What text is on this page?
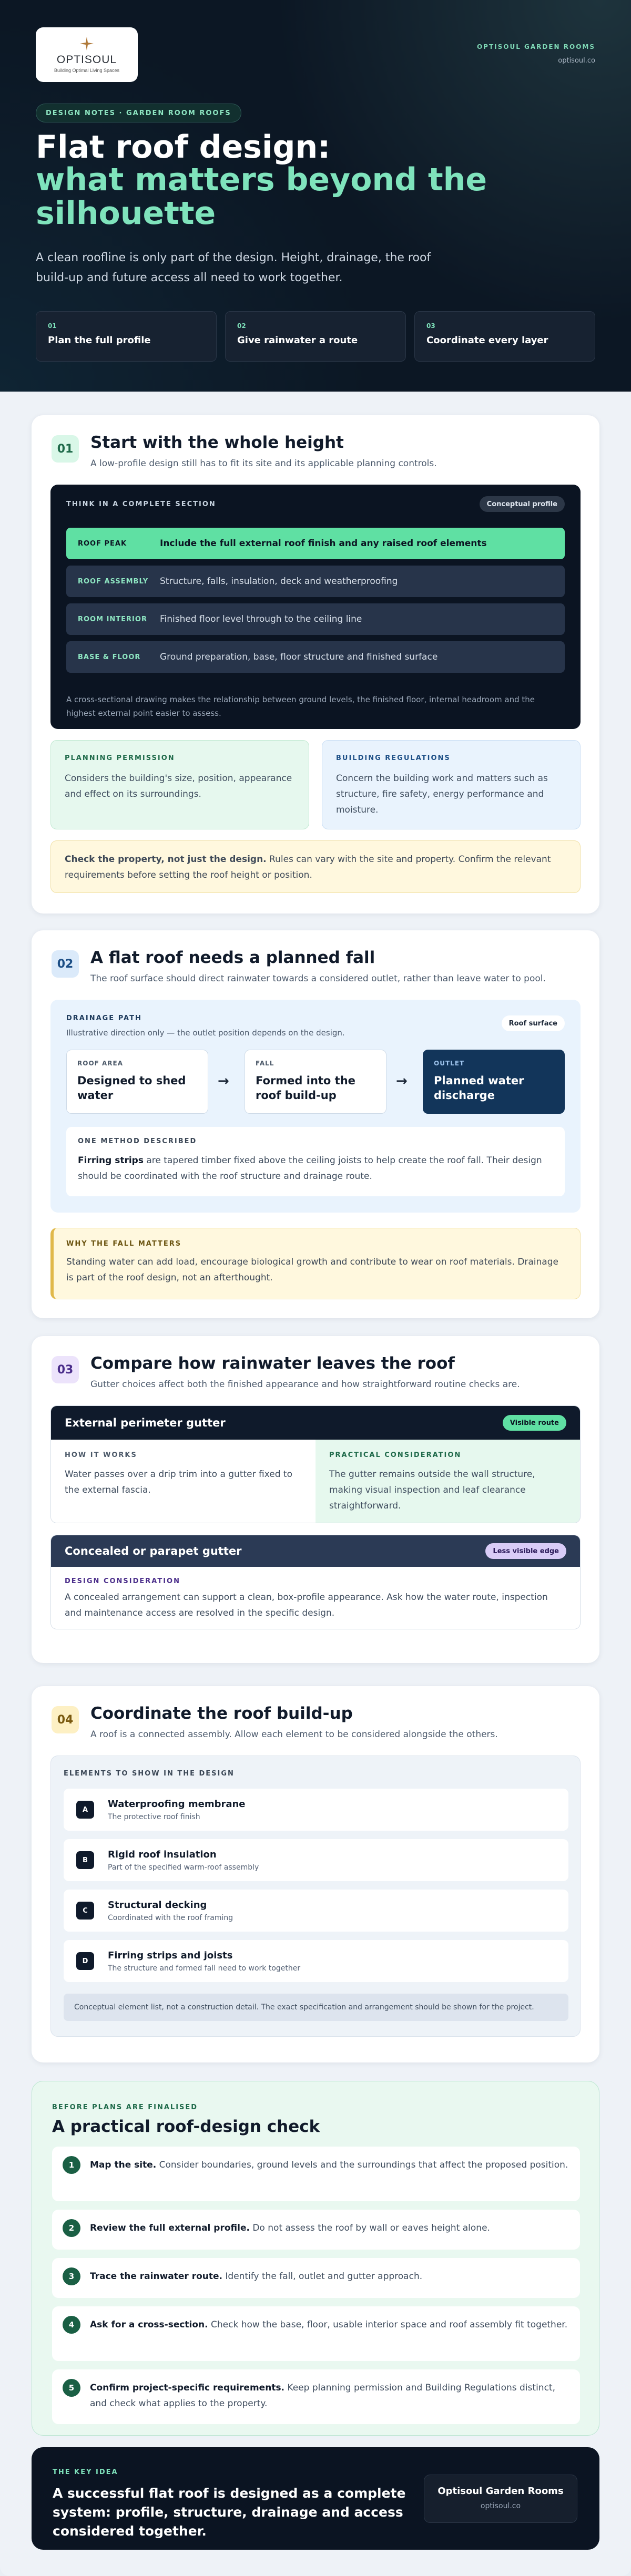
OPTISOUL
Building Optimal Living Spaces
OPTISOUL GARDEN ROOMS
optisoul.co
DESIGN NOTES · GARDEN ROOM ROOFS
Flat roof design:
what matters beyond the silhouette

A clean roofline is only part of the design. Height, drainage, the roof build-up and future access all need to work together.

01
Plan the full profile
02
Give rainwater a route
03
Coordinate every layer
01	Start with the whole height

A low-profile design still has to fit its site and its applicable planning controls.

THINK IN A COMPLETE SECTION	Conceptual profile
ROOF PEAK	Include the full external roof finish and any raised roof elements
ROOF ASSEMBLY	Structure, falls, insulation, deck and weatherproofing
ROOM INTERIOR	Finished floor level through to the ceiling line
BASE & FLOOR	Ground preparation, base, floor structure and finished surface

A cross-sectional drawing makes the relationship between ground levels, the finished floor, internal headroom and the highest external point easier to assess.

PLANNING PERMISSION
Considers the building's size, position, appearance and effect on its surroundings.
BUILDING REGULATIONS
Concern the building work and matters such as structure, fire safety, energy performance and moisture.
Check the property, not just the design. Rules can vary with the site and property. Confirm the relevant requirements before setting the roof height or position.
02	A flat roof needs a planned fall

The roof surface should direct rainwater towards a considered outlet, rather than leave water to pool.

DRAINAGE PATH
Illustrative direction only — the outlet position depends on the design.
Roof surface
ROOF AREA
Designed to shed water
→
FALL
Formed into the roof build-up
→
OUTLET
Planned water discharge
ONE METHOD DESCRIBED
Firring strips are tapered timber fixed above the ceiling joists to help create the roof fall. Their design should be coordinated with the roof structure and drainage route.
WHY THE FALL MATTERS
Standing water can add load, encourage biological growth and contribute to wear on roof materials. Drainage is part of the roof design, not an afterthought.
03	Compare how rainwater leaves the roof

Gutter choices affect both the finished appearance and how straightforward routine checks are.

External perimeter gutter	Visible route
HOW IT WORKS
Water passes over a drip trim into a gutter fixed to the external fascia.
PRACTICAL CONSIDERATION
The gutter remains outside the wall structure, making visual inspection and leaf clearance straightforward.
Concealed or parapet gutter	Less visible edge
DESIGN CONSIDERATION
A concealed arrangement can support a clean, box-profile appearance. Ask how the water route, inspection and maintenance access are resolved in the specific design.
04	Coordinate the roof build-up

A roof is a connected assembly. Allow each element to be considered alongside the others.

ELEMENTS TO SHOW IN THE DESIGN
A
Waterproofing membrane
The protective roof finish
B
Rigid roof insulation
Part of the specified warm-roof assembly
C
Structural decking
Coordinated with the roof framing
D
Firring strips and joists
The structure and formed fall need to work together
Conceptual element list, not a construction detail. The exact specification and arrangement should be shown for the project.
BEFORE PLANS ARE FINALISED
A practical roof-design check
1	Map the site. Consider boundaries, ground levels and the surroundings that affect the proposed position.
2	Review the full external profile. Do not assess the roof by wall or eaves height alone.
3	Trace the rainwater route. Identify the fall, outlet and gutter approach.
4	Ask for a cross-section. Check how the base, floor, usable interior space and roof assembly fit together.
5	Confirm project-specific requirements. Keep planning permission and Building Regulations distinct, and check what applies to the property.
THE KEY IDEA
A successful flat roof is designed as a complete system: profile, structure, drainage and access considered together.
Optisoul Garden Rooms
optisoul.co
